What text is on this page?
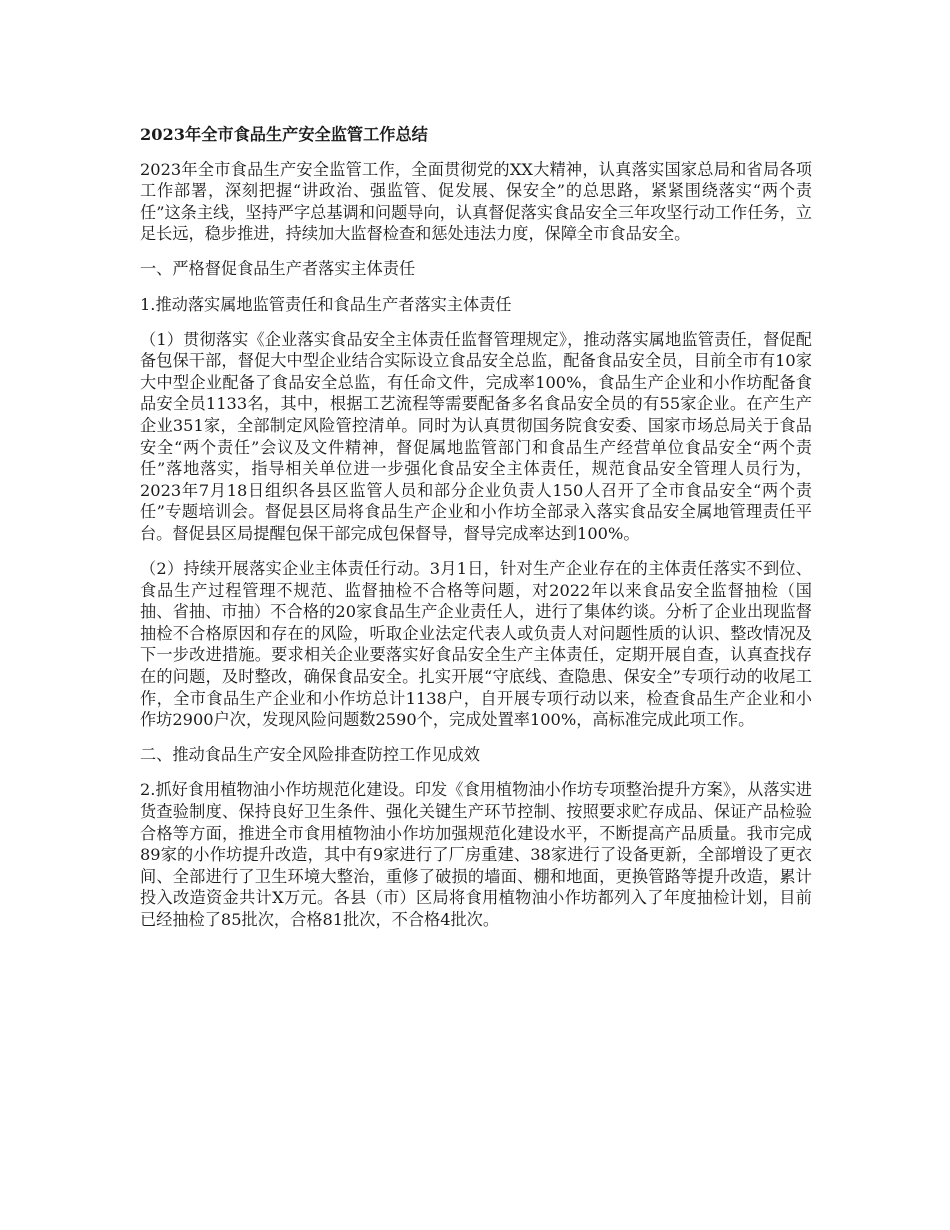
2023年全市食品生产安全监管工作总结
2023年全市食品生产安全监管工作，全面贯彻党的XX大精神，认真落实国家总局和省局各项工作部署，深刻把握“讲政治、强监管、促发展、保安全”的总思路，紧紧围绕落实“两个责任”这条主线，坚持严字总基调和问题导向，认真督促落实食品安全三年攻坚行动工作任务，立足长远，稳步推进，持续加大监督检查和惩处违法力度，保障全市食品安全。
一、严格督促食品生产者落实主体责任
1.推动落实属地监管责任和食品生产者落实主体责任
（1）贯彻落实《企业落实食品安全主体责任监督管理规定》，推动落实属地监管责任，督促配备包保干部，督促大中型企业结合实际设立食品安全总监，配备食品安全员，目前全市有10家大中型企业配备了食品安全总监，有任命文件，完成率100%，食品生产企业和小作坊配备食品安全员1133名，其中，根据工艺流程等需要配备多名食品安全员的有55家企业。在产生产企业351家，全部制定风险管控清单。同时为认真贯彻国务院食安委、国家市场总局关于食品安全“两个责任”会议及文件精神，督促属地监管部门和食品生产经营单位食品安全“两个责任”落地落实，指导相关单位进一步强化食品安全主体责任，规范食品安全管理人员行为，2023年7月18日组织各县区监管人员和部分企业负责人150人召开了全市食品安全“两个责任”专题培训会。督促县区局将食品生产企业和小作坊全部录入落实食品安全属地管理责任平台。督促县区局提醒包保干部完成包保督导，督导完成率达到100%。
（2）持续开展落实企业主体责任行动。3月1日，针对生产企业存在的主体责任落实不到位、食品生产过程管理不规范、监督抽检不合格等问题，对2022年以来食品安全监督抽检（国抽、省抽、市抽）不合格的20家食品生产企业责任人，进行了集体约谈。分析了企业出现监督抽检不合格原因和存在的风险，听取企业法定代表人或负责人对问题性质的认识、整改情况及下一步改进措施。要求相关企业要落实好食品安全生产主体责任，定期开展自查，认真查找存在的问题，及时整改，确保食品安全。扎实开展“守底线、查隐患、保安全”专项行动的收尾工作，全市食品生产企业和小作坊总计1138户，自开展专项行动以来，检查食品生产企业和小作坊2900户次，发现风险问题数2590个，完成处置率100%，高标准完成此项工作。
二、推动食品生产安全风险排查防控工作见成效
2.抓好食用植物油小作坊规范化建设。印发《食用植物油小作坊专项整治提升方案》，从落实进货查验制度、保持良好卫生条件、强化关键生产环节控制、按照要求贮存成品、保证产品检验合格等方面，推进全市食用植物油小作坊加强规范化建设水平，不断提高产品质量。我市完成89家的小作坊提升改造，其中有9家进行了厂房重建、38家进行了设备更新，全部增设了更衣间、全部进行了卫生环境大整治，重修了破损的墙面、棚和地面，更换管路等提升改造，累计投入改造资金共计X万元。各县（市）区局将食用植物油小作坊都列入了年度抽检计划，目前已经抽检了85批次，合格81批次，不合格4批次。
